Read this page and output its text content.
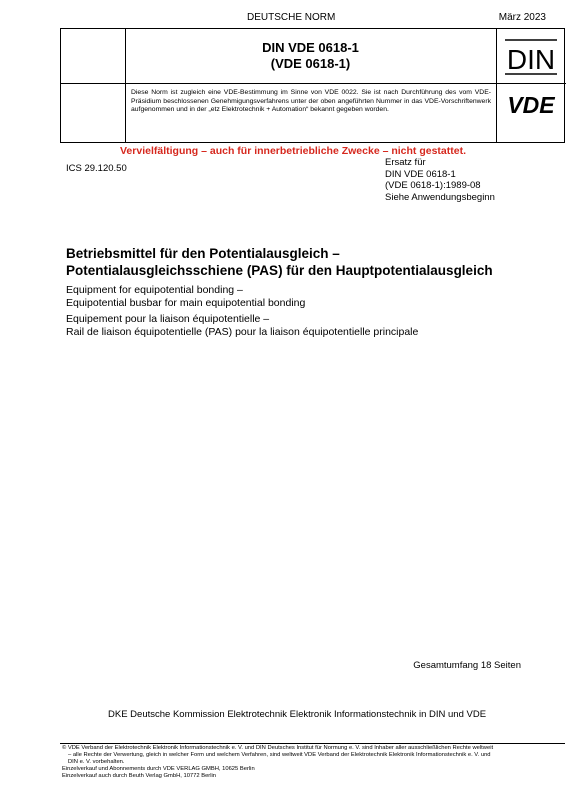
DEUTSCHE NORM	März 2023
DIN VDE 0618-1
(VDE 0618-1)	DIN
Diese Norm ist zugleich eine VDE-Bestimmung im Sinne von VDE 0022. Sie ist nach Durchführung des vom VDE-Präsidium beschlossenen Genehmigungsverfahrens unter der oben angeführten Nummer in das VDE-Vorschriftenwerk aufgenommen und in der „etz Elektrotechnik + Automation“ bekannt gegeben worden.	VDE
Vervielfältigung – auch für innerbetriebliche Zwecke – nicht gestattet.
ICS 29.120.50
Ersatz für
DIN VDE 0618-1
(VDE 0618-1):1989-08
Siehe Anwendungsbeginn
Betriebsmittel für den Potentialausgleich –
Potentialausgleichsschiene (PAS) für den Hauptpotentialausgleich
Equipment for equipotential bonding –
Equipotential busbar for main equipotential bonding
Equipement pour la liaison équipotentielle –
Rail de liaison équipotentielle (PAS) pour la liaison équipotentielle principale
Gesamtumfang 18 Seiten
DKE Deutsche Kommission Elektrotechnik Elektronik Informationstechnik in DIN und VDE
© VDE Verband der Elektrotechnik Elektronik Informationstechnik e. V. und DIN Deutsches Institut für Normung e. V. sind Inhaber aller ausschließlichen Rechte weltweit
– alle Rechte der Verwertung, gleich in welcher Form und welchem Verfahren, sind weltweit VDE Verband der Elektrotechnik Elektronik Informationstechnik e. V. und
DIN e. V. vorbehalten.
Einzelverkauf und Abonnements durch VDE VERLAG GMBH, 10625 Berlin
Einzelverkauf auch durch Beuth Verlag GmbH, 10772 Berlin
